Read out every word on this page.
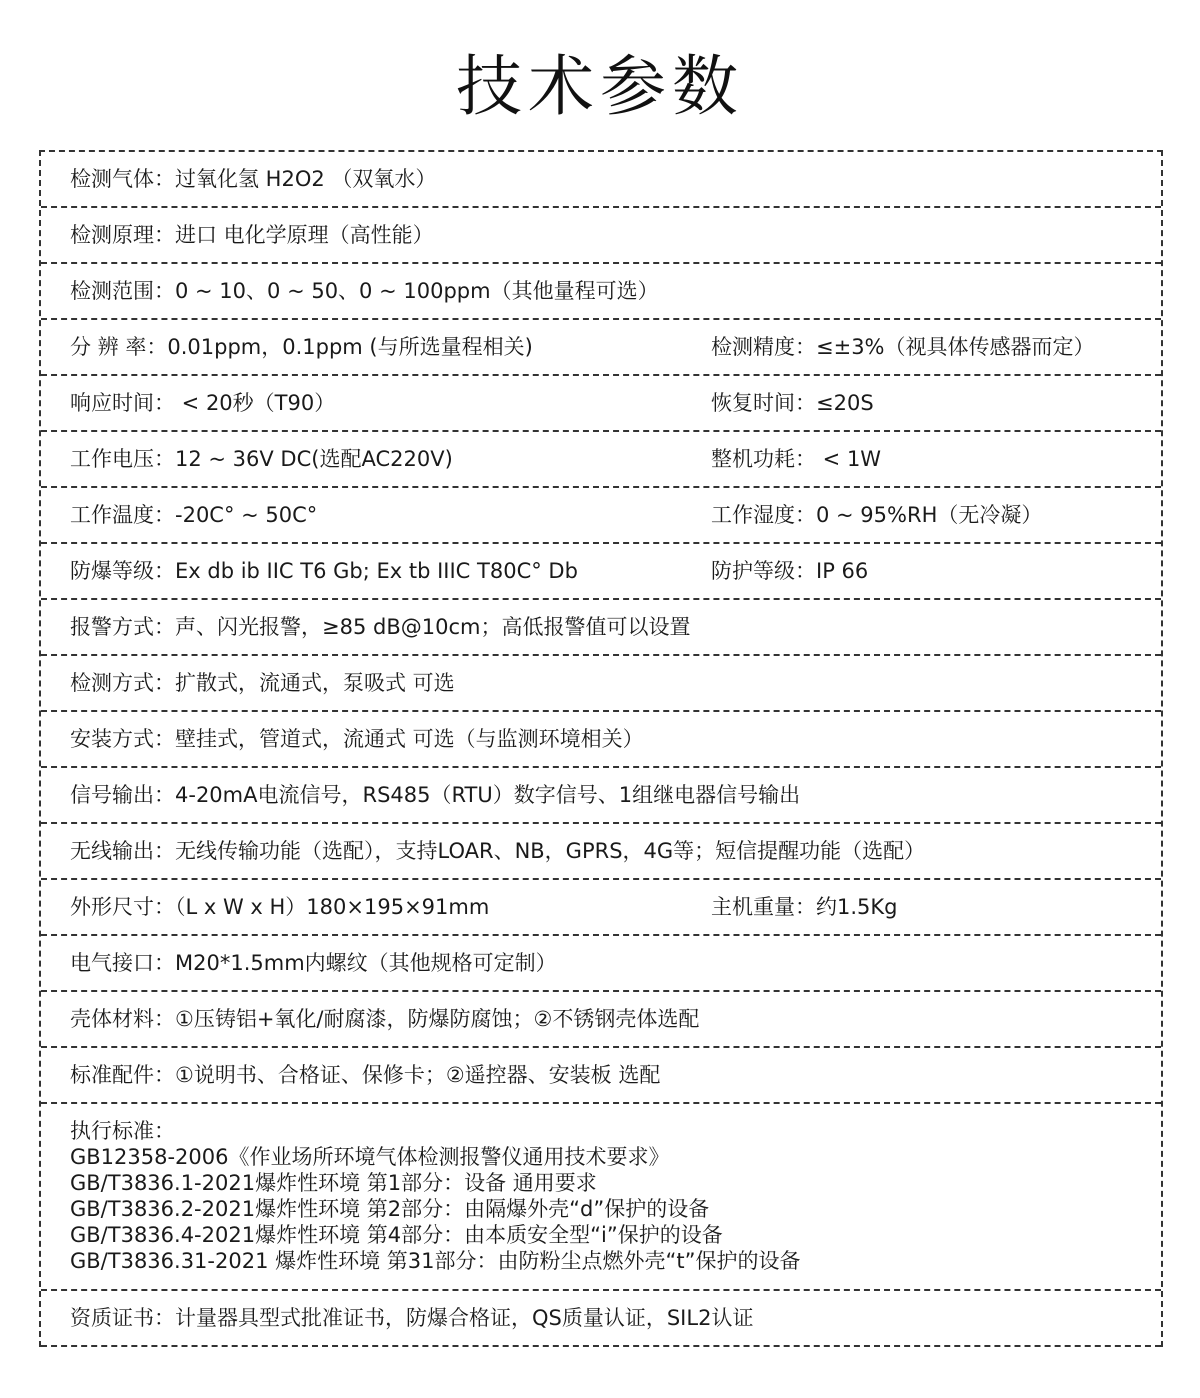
技术参数
检测气体：过氧化氢 H2O2 （双氧水）
检测原理：进口 电化学原理（高性能）
检测范围：0 ~ 10、0 ~ 50、0 ~ 100ppm（其他量程可选）
分 辨 率：0.01ppm，0.1ppm (与所选量程相关)	检测精度：≤±3%（视具体传感器而定）
响应时间： < 20秒（T90）	恢复时间：≤20S
工作电压：12 ~ 36V DC(选配AC220V)	整机功耗： < 1W
工作温度：-20C° ~ 50C°	工作湿度：0 ~ 95%RH（无冷凝）
防爆等级：Ex db ib IIC T6 Gb; Ex tb IIIC T80C° Db	防护等级：IP 66
报警方式：声、闪光报警，≥85 dB@10cm；高低报警值可以设置
检测方式：扩散式，流通式，泵吸式 可选
安装方式：壁挂式，管道式，流通式 可选（与监测环境相关）
信号输出：4-20mA电流信号，RS485（RTU）数字信号、1组继电器信号输出
无线输出：无线传输功能（选配），支持LOAR、NB，GPRS，4G等；短信提醒功能（选配）
外形尺寸：（L x W x H）180×195×91mm	主机重量：约1.5Kg
电气接口：M20*1.5mm内螺纹（其他规格可定制）
壳体材料：①压铸铝+氧化/耐腐漆，防爆防腐蚀；②不锈钢壳体选配
标准配件：①说明书、合格证、保修卡；②遥控器、安装板 选配
执行标准：
GB12358-2006《作业场所环境气体检测报警仪通用技术要求》
GB/T3836.1-2021爆炸性环境 第1部分：设备 通用要求
GB/T3836.2-2021爆炸性环境 第2部分：由隔爆外壳“d”保护的设备
GB/T3836.4-2021爆炸性环境 第4部分：由本质安全型“i”保护的设备
GB/T3836.31-2021 爆炸性环境 第31部分：由防粉尘点燃外壳“t”保护的设备
资质证书：计量器具型式批准证书，防爆合格证，QS质量认证，SIL2认证
